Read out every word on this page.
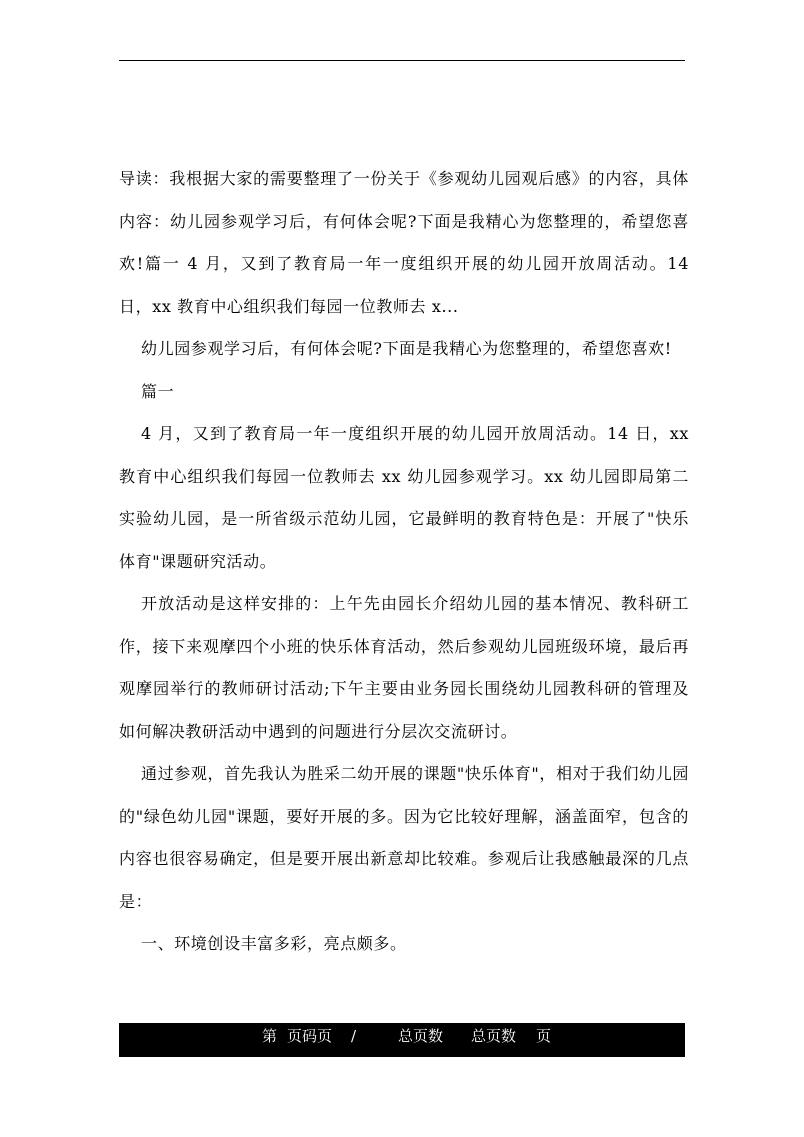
导读：我根据大家的需要整理了一份关于《参观幼儿园观后感》的内容，具体内容：幼儿园参观学习后，有何体会呢?下面是我精心为您整理的，希望您喜欢!篇一 4 月，又到了教育局一年一度组织开展的幼儿园开放周活动。14 日，xx 教育中心组织我们每园一位教师去 x...

幼儿园参观学习后，有何体会呢?下面是我精心为您整理的，希望您喜欢!

篇一

4 月，又到了教育局一年一度组织开展的幼儿园开放周活动。14 日，xx 教育中心组织我们每园一位教师去 xx 幼儿园参观学习。xx 幼儿园即局第二实验幼儿园，是一所省级示范幼儿园，它最鲜明的教育特色是：开展了"快乐体育"课题研究活动。

开放活动是这样安排的：上午先由园长介绍幼儿园的基本情况、教科研工作，接下来观摩四个小班的快乐体育活动，然后参观幼儿园班级环境，最后再观摩园举行的教师研讨活动;下午主要由业务园长围绕幼儿园教科研的管理及如何解决教研活动中遇到的问题进行分层次交流研讨。

通过参观，首先我认为胜采二幼开展的课题"快乐体育"，相对于我们幼儿园的"绿色幼儿园"课题，要好开展的多。因为它比较好理解，涵盖面窄，包含的内容也很容易确定，但是要开展出新意却比较难。参观后让我感触最深的几点是：

一、环境创设丰富多彩，亮点颇多。

第 页码页 /	总页数 总页数 页
